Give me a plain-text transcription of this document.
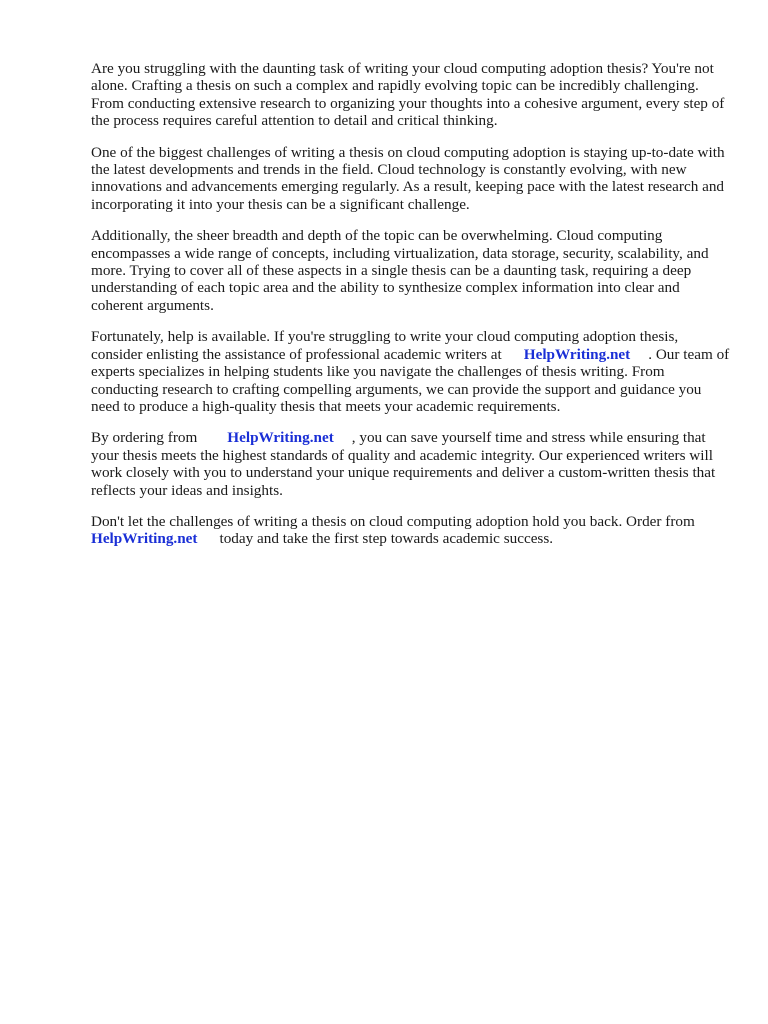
Are you struggling with the daunting task of writing your cloud computing adoption thesis? You're not alone. Crafting a thesis on such a complex and rapidly evolving topic can be incredibly challenging. From conducting extensive research to organizing your thoughts into a cohesive argument, every step of the process requires careful attention to detail and critical thinking.

One of the biggest challenges of writing a thesis on cloud computing adoption is staying up-to-date with the latest developments and trends in the field. Cloud technology is constantly evolving, with new innovations and advancements emerging regularly. As a result, keeping pace with the latest research and incorporating it into your thesis can be a significant challenge.

Additionally, the sheer breadth and depth of the topic can be overwhelming. Cloud computing encompasses a wide range of concepts, including virtualization, data storage, security, scalability, and more. Trying to cover all of these aspects in a single thesis can be a daunting task, requiring a deep understanding of each topic area and the ability to synthesize complex information into clear and coherent arguments.

Fortunately, help is available. If you're struggling to write your cloud computing adoption thesis, consider enlisting the assistance of professional academic writers at HelpWriting.net . Our team of experts specializes in helping students like you navigate the challenges of thesis writing. From conducting research to crafting compelling arguments, we can provide the support and guidance you need to produce a high-quality thesis that meets your academic requirements.

By ordering from HelpWriting.net , you can save yourself time and stress while ensuring that your thesis meets the highest standards of quality and academic integrity. Our experienced writers will work closely with you to understand your unique requirements and deliver a custom-written thesis that reflects your ideas and insights.

Don't let the challenges of writing a thesis on cloud computing adoption hold you back. Order from HelpWriting.net today and take the first step towards academic success.
